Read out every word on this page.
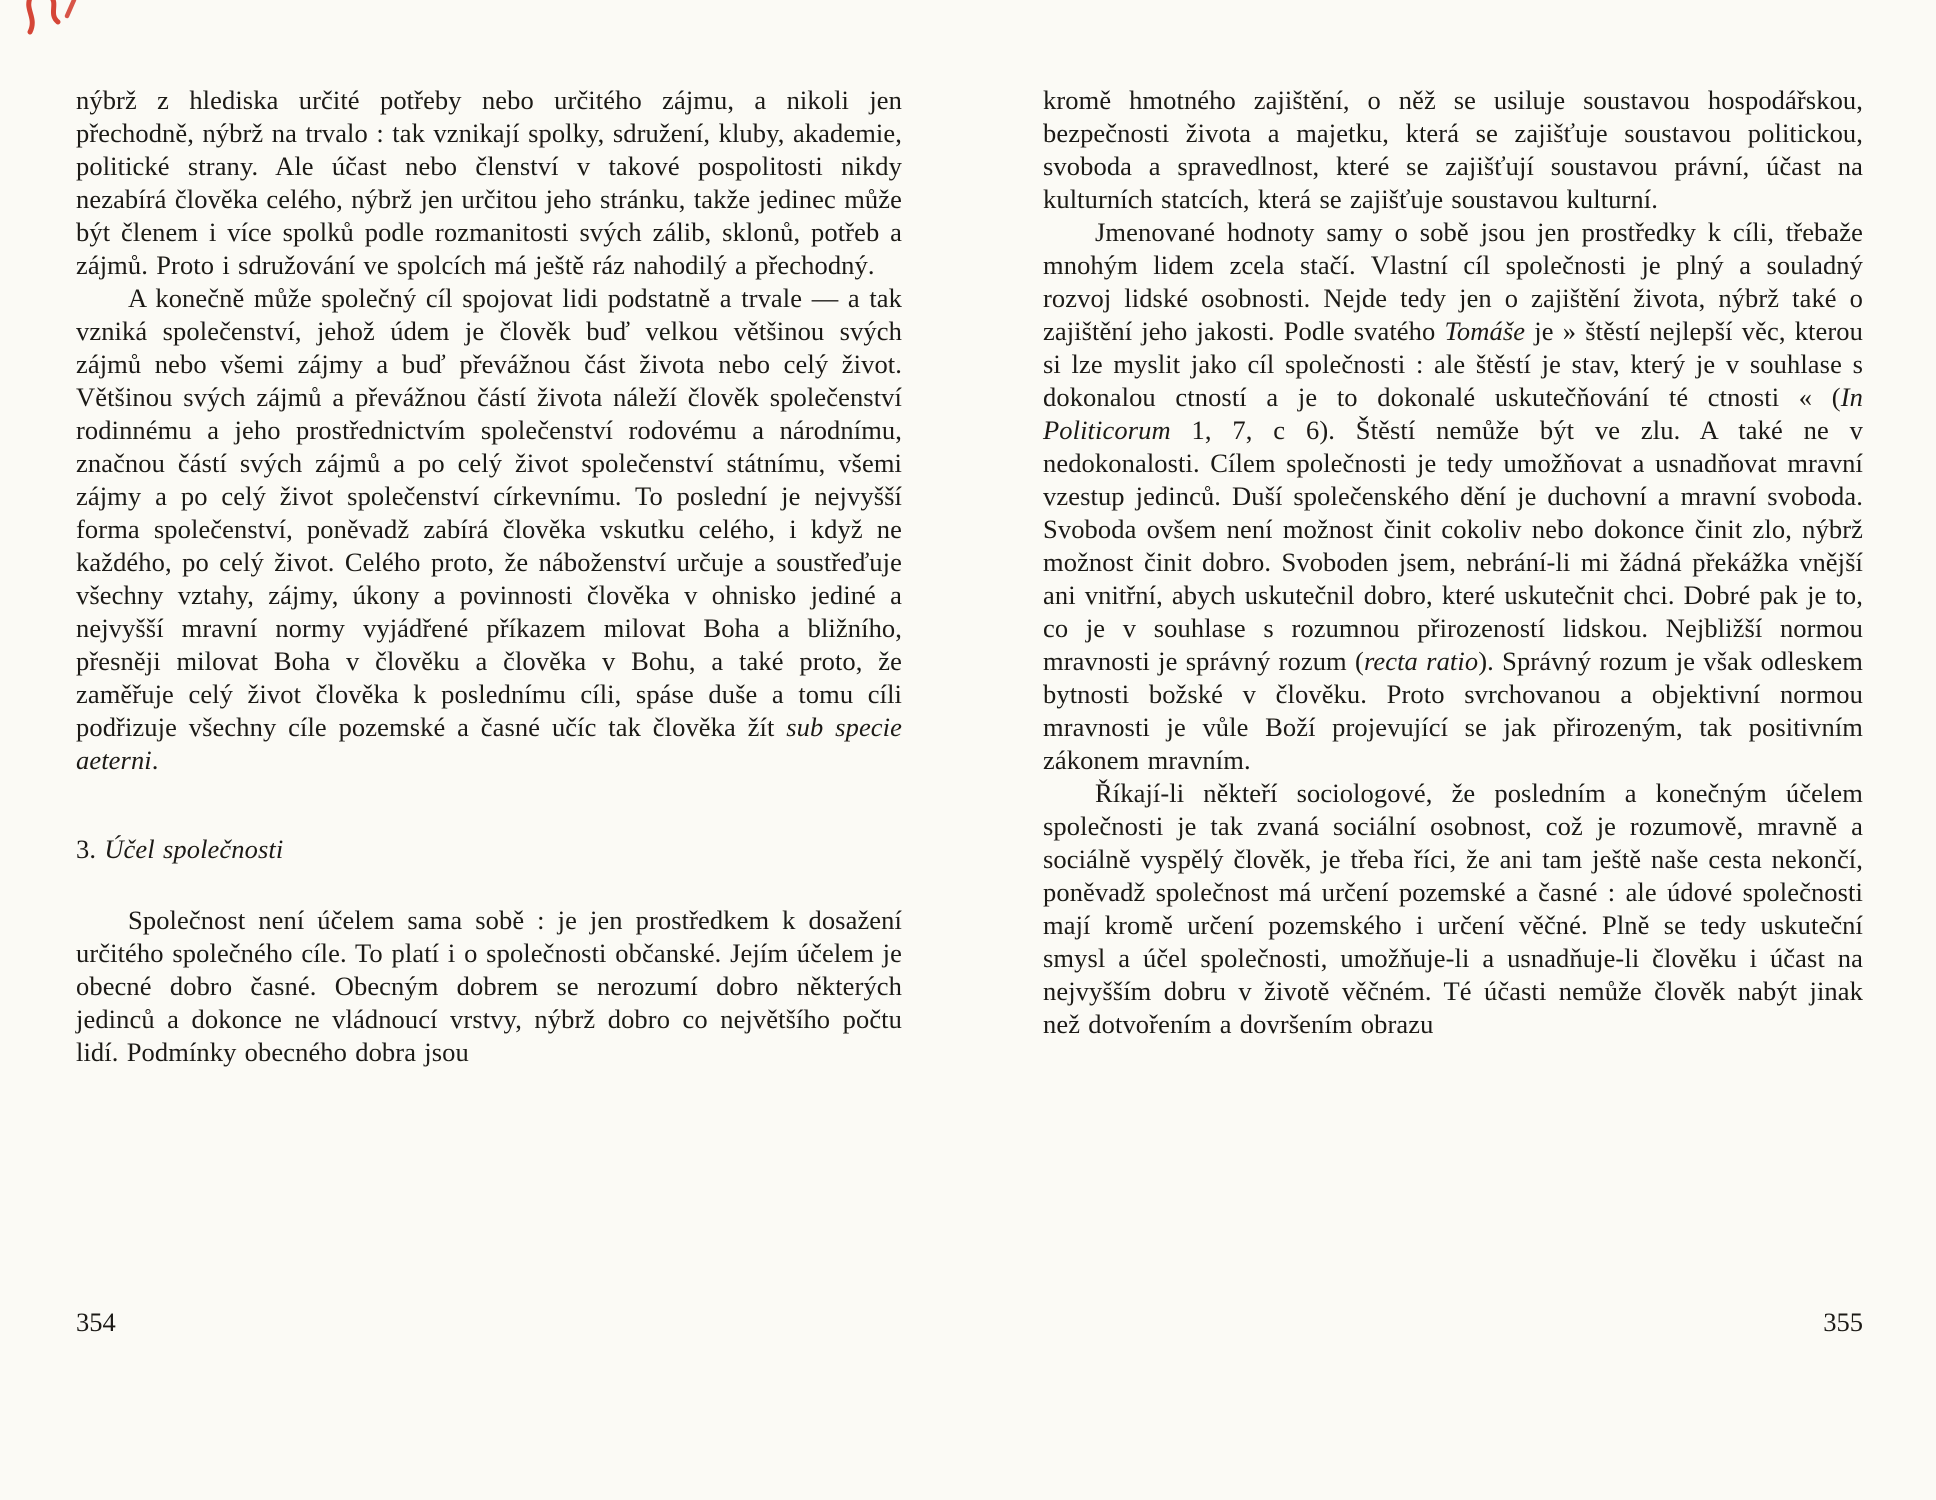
nýbrž z hlediska určité potřeby nebo určitého zájmu, a nikoli jen přechodně, nýbrž na trvalo : tak vznikají spolky, sdružení, kluby, akademie, politické strany. Ale účast nebo členství v takové pospolitosti nikdy nezabírá člověka celého, nýbrž jen určitou jeho stránku, takže jedinec může být členem i více spolků podle rozmanitosti svých zálib, sklonů, potřeb a zájmů. Proto i sdružování ve spolcích má ještě ráz nahodilý a přechodný.

A konečně může společný cíl spojovat lidi podstatně a trvale — a tak vzniká společenství, jehož údem je člověk buď velkou většinou svých zájmů nebo všemi zájmy a buď převážnou část života nebo celý život. Většinou svých zájmů a převážnou částí života náleží člověk společenství rodinnému a jeho prostřednictvím společenství rodovému a národnímu, značnou částí svých zájmů a po celý život společenství státnímu, všemi zájmy a po celý život společenství církevnímu. To poslední je nejvyšší forma společenství, poněvadž zabírá člověka vskutku celého, i když ne každého, po celý život. Celého proto, že náboženství určuje a soustřeďuje všechny vztahy, zájmy, úkony a povinnosti člověka v ohnisko jediné a nejvyšší mravní normy vyjádřené příkazem milovat Boha a bližního, přesněji milovat Boha v člověku a člověka v Bohu, a také proto, že zaměřuje celý život člověka k poslednímu cíli, spáse duše a tomu cíli podřizuje všechny cíle pozemské a časné učíc tak člověka žít sub specie aeterni.

3. Účel společnosti

Společnost není účelem sama sobě : je jen prostředkem k dosažení určitého společného cíle. To platí i o společnosti občanské. Jejím účelem je obecné dobro časné. Obecným dobrem se nerozumí dobro některých jedinců a dokonce ne vládnoucí vrstvy, nýbrž dobro co největšího počtu lidí. Podmínky obecného dobra jsou

kromě hmotného zajištění, o něž se usiluje soustavou hospodářskou, bezpečnosti života a majetku, která se zajišťuje soustavou politickou, svoboda a spravedlnost, které se zajišťují soustavou právní, účast na kulturních statcích, která se zajišťuje soustavou kulturní.

Jmenované hodnoty samy o sobě jsou jen prostředky k cíli, třebaže mnohým lidem zcela stačí. Vlastní cíl společnosti je plný a souladný rozvoj lidské osobnosti. Nejde tedy jen o zajištění života, nýbrž také o zajištění jeho jakosti. Podle svatého Tomáše je » štěstí nejlepší věc, kterou si lze myslit jako cíl společnosti : ale štěstí je stav, který je v souhlase s dokonalou ctností a je to dokonalé uskutečňování té ctnosti « (In Politicorum 1, 7, c 6). Štěstí nemůže být ve zlu. A také ne v nedokonalosti. Cílem společnosti je tedy umožňovat a usnadňovat mravní vzestup jedinců. Duší společenského dění je duchovní a mravní svoboda. Svoboda ovšem není možnost činit cokoliv nebo dokonce činit zlo, nýbrž možnost činit dobro. Svoboden jsem, nebrání-li mi žádná překážka vnější ani vnitřní, abych uskutečnil dobro, které uskutečnit chci. Dobré pak je to, co je v souhlase s rozumnou přirozeností lidskou. Nejbližší normou mravnosti je správný rozum (recta ratio). Správný rozum je však odleskem bytnosti božské v člověku. Proto svrchovanou a objektivní normou mravnosti je vůle Boží projevující se jak přirozeným, tak positivním zákonem mravním.

Říkají-li někteří sociologové, že posledním a konečným účelem společnosti je tak zvaná sociální osobnost, což je rozumově, mravně a sociálně vyspělý člověk, je třeba říci, že ani tam ještě naše cesta nekončí, poněvadž společnost má určení pozemské a časné : ale údové společnosti mají kromě určení pozemského i určení věčné. Plně se tedy uskuteční smysl a účel společnosti, umožňuje-li a usnadňuje-li člověku i účast na nejvyšším dobru v životě věčném. Té účasti nemůže člověk nabýt jinak než dotvořením a dovršením obrazu

354	355
